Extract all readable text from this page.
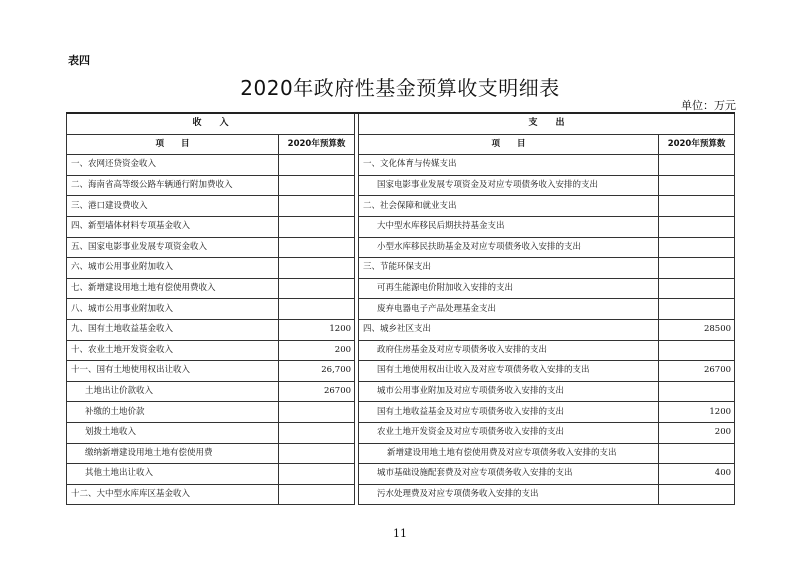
表四
2020年政府性基金预算收支明细表
单位：万元
收　　入			支　　出	
项　　目	2020年预算数		项　　目	2020年预算数
一、农网还贷资金收入			一、文化体育与传媒支出	
二、海南省高等级公路车辆通行附加费收入			国家电影事业发展专项资金及对应专项债务收入安排的支出	
三、港口建设费收入			二、社会保障和就业支出	
四、新型墙体材料专项基金收入			大中型水库移民后期扶持基金支出	
五、国家电影事业发展专项资金收入			小型水库移民扶助基金及对应专项债务收入安排的支出	
六、城市公用事业附加收入			三、节能环保支出	
七、新增建设用地土地有偿使用费收入			可再生能源电价附加收入安排的支出	
八、城市公用事业附加收入			废弃电器电子产品处理基金支出	
九、国有土地收益基金收入	1200		四、城乡社区支出	28500
十、农业土地开发资金收入	200		政府住房基金及对应专项债务收入安排的支出	
十一、国有土地使用权出让收入	26,700		国有土地使用权出让收入及对应专项债务收入安排的支出	26700
土地出让价款收入	26700		城市公用事业附加及对应专项债务收入安排的支出	
补缴的土地价款			国有土地收益基金及对应专项债务收入安排的支出	1200
划拨土地收入			农业土地开发资金及对应专项债务收入安排的支出	200
缴纳新增建设用地土地有偿使用费			新增建设用地土地有偿使用费及对应专项债务收入安排的支出	
其他土地出让收入			城市基础设施配套费及对应专项债务收入安排的支出	400
十二、大中型水库库区基金收入			污水处理费及对应专项债务收入安排的支出	
11
